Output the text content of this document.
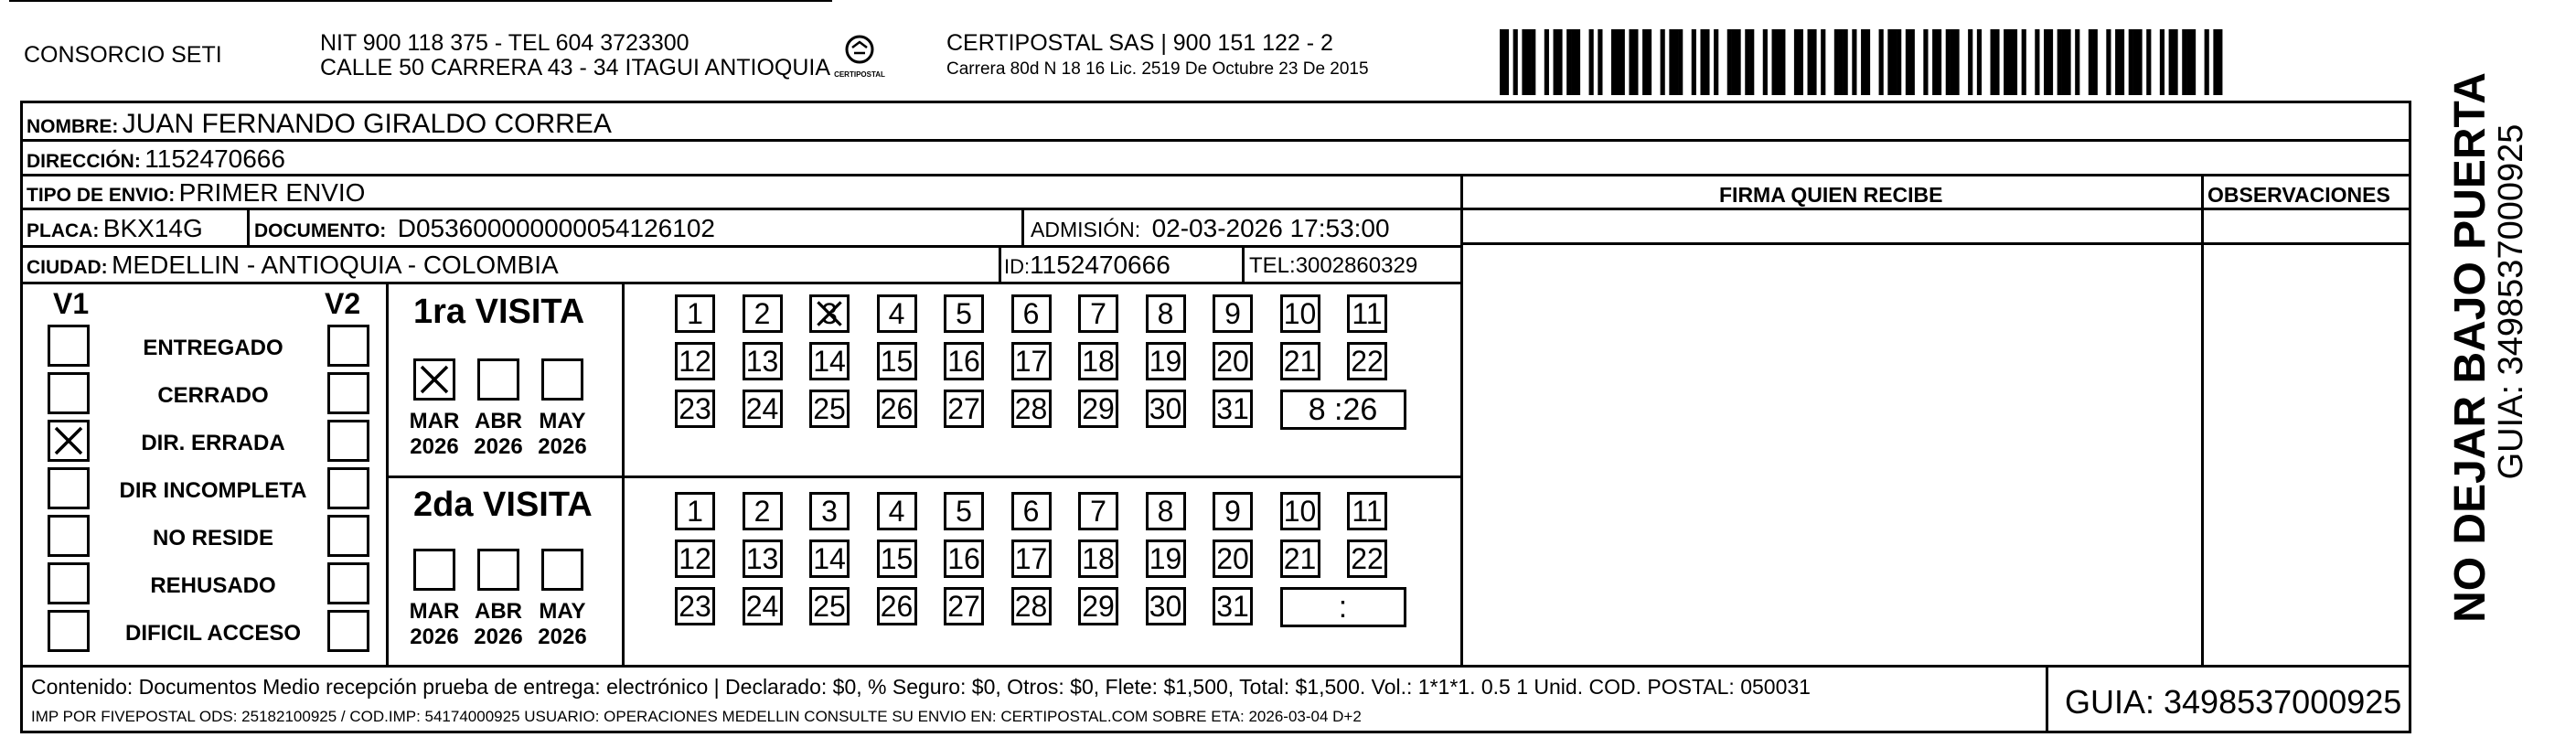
CONSORCIO SETI	NIT 900 118 375 - TEL 604 3723300
CALLE 50 CARRERA 43 - 34 ITAGUI ANTIOQUIA CERTIPOSTAL
CERTIPOSTAL SAS | 900 151 122 - 2
Carrera 80d N 18 16 Lic. 2519 De Octubre 23 De 2015
NOMBRE: JUAN FERNANDO GIRALDO CORREA
DIRECCIÓN: 1152470666
TIPO DE ENVIO: PRIMER ENVIO	FIRMA QUIEN RECIBE	OBSERVACIONES
PLACA: BKX14G	DOCUMENTO: D053600000000054126102	ADMISIÓN: 02-03-2026 17:53:00
CIUDAD: MEDELLIN - ANTIOQUIA - COLOMBIA	ID:1152470666	TEL:3002860329
V1	V2
ENTREGADO
CERRADO
DIR. ERRADA
DIR INCOMPLETA
NO RESIDE
REHUSADO
DIFICIL ACCESO
1ra VISITA
MAR
2026
ABR
2026
MAY
2026
1 2 3 4 5 6 7 8 9 10 11
12 13 14 15 16 17 18 19 20 21 22
23 24 25 26 27 28 29 30 31	8 :26
2da VISITA
MAR
2026
ABR
2026
MAY
2026
1 2 3 4 5 6 7 8 9 10 11
12 13 14 15 16 17 18 19 20 21 22
23 24 25 26 27 28 29 30 31	:
Contenido: Documentos Medio recepción prueba de entrega: electrónico | Declarado: $0, % Seguro: $0, Otros: $0, Flete: $1,500, Total: $1,500. Vol.: 1*1*1. 0.5 1 Unid. COD. POSTAL: 050031
IMP POR FIVEPOSTAL ODS: 25182100925 / COD.IMP: 54174000925 USUARIO: OPERACIONES MEDELLIN CONSULTE SU ENVIO EN: CERTIPOSTAL.COM SOBRE ETA: 2026-03-04 D+2	GUIA: 3498537000925
NO DEJAR BAJO PUERTA
GUIA: 3498537000925
